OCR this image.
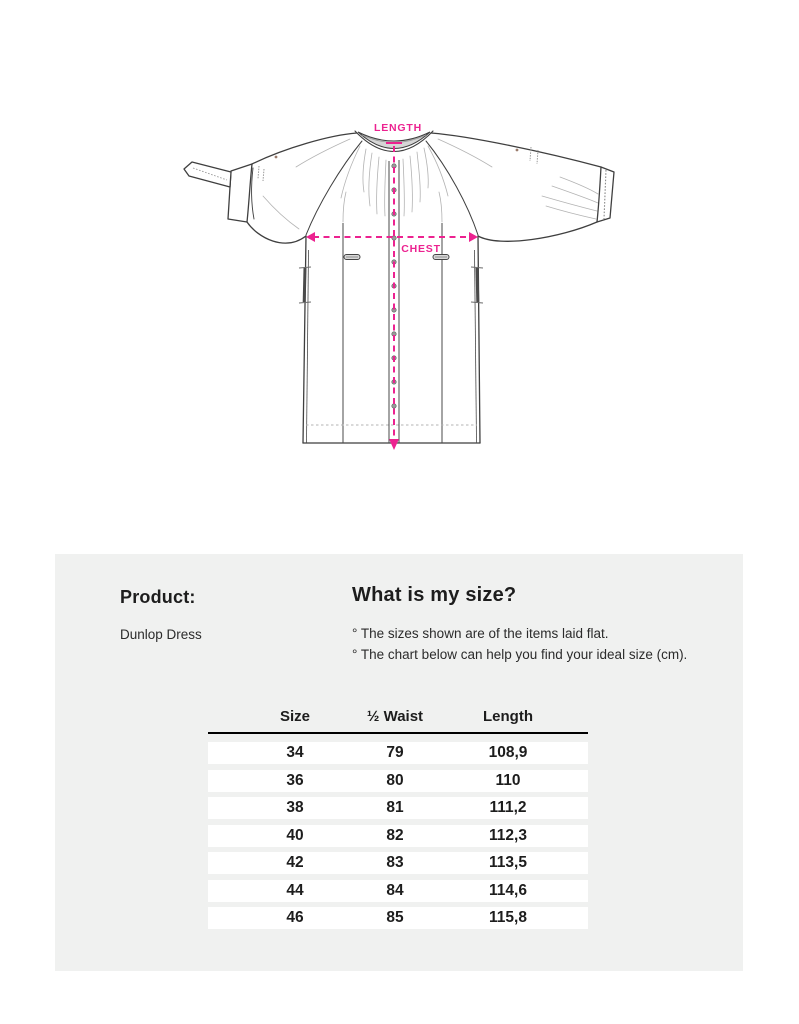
LENGTH
CHEST
Product:
Dunlop Dress
What is my size?
° The sizes shown are of the items laid flat.
° The chart below can help you find your ideal size (cm).
Size	½ Waist	Length
34	79	108,9
36	80	110
38	81	111,2
40	82	112,3
42	83	113,5
44	84	114,6
46	85	115,8
